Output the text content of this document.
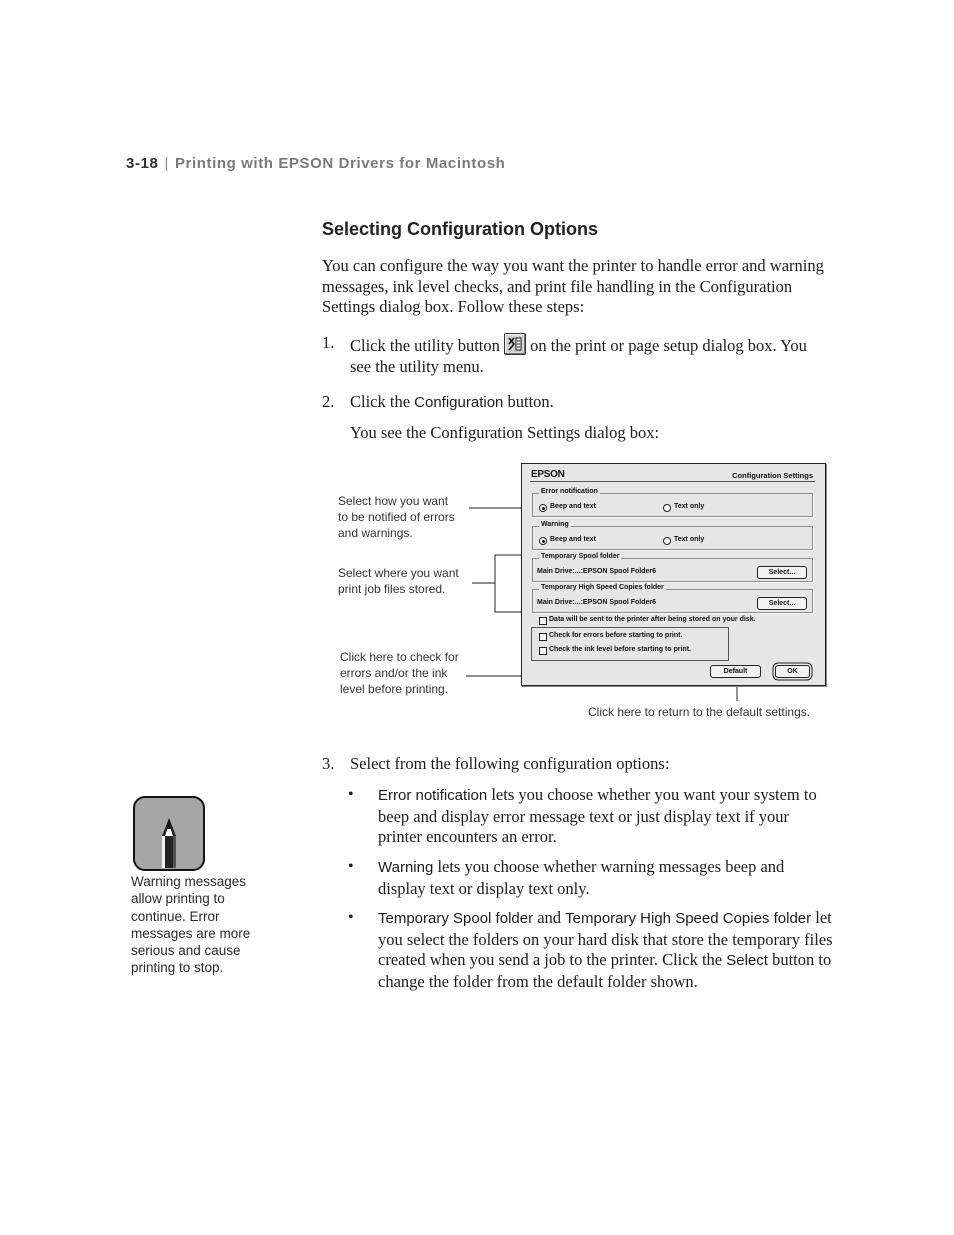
3-18 | Printing with EPSON Drivers for Macintosh
Selecting Configuration Options
You can configure the way you want the printer to handle error and warning messages, ink level checks, and print file handling in the Configuration Settings dialog box. Follow these steps:
1. Click the utility button on the print or page setup dialog box. You see the utility menu.
2. Click the Configuration button.
You see the Configuration Settings dialog box:
Select how you want
to be notified of errors
and warnings.
Select where you want
print job files stored.
Click here to check for
errors and/or the ink
level before printing.
Click here to return to the default settings.
EPSON	Configuration Settings
Error notification
Beep and text	Text only
Warning
Beep and text	Text only
Temporary Spool folder
Main Drive:...:EPSON Spool Folder6	Select...
Temporary High Speed Copies folder
Main Drive:...:EPSON Spool Folder6	Select...
Data will be sent to the printer after being stored on your disk.
Check for errors before starting to print.
Check the ink level before starting to print.
Default	OK
3. Select from the following configuration options:
• Error notification lets you choose whether you want your system to beep and display error message text or just display text if your printer encounters an error.
• Warning lets you choose whether warning messages beep and display text or display text only.
• Temporary Spool folder and Temporary High Speed Copies folder let you select the folders on your hard disk that store the temporary files created when you send a job to the printer. Click the Select button to change the folder from the default folder shown.
Warning messages allow printing to continue. Error messages are more serious and cause printing to stop.
